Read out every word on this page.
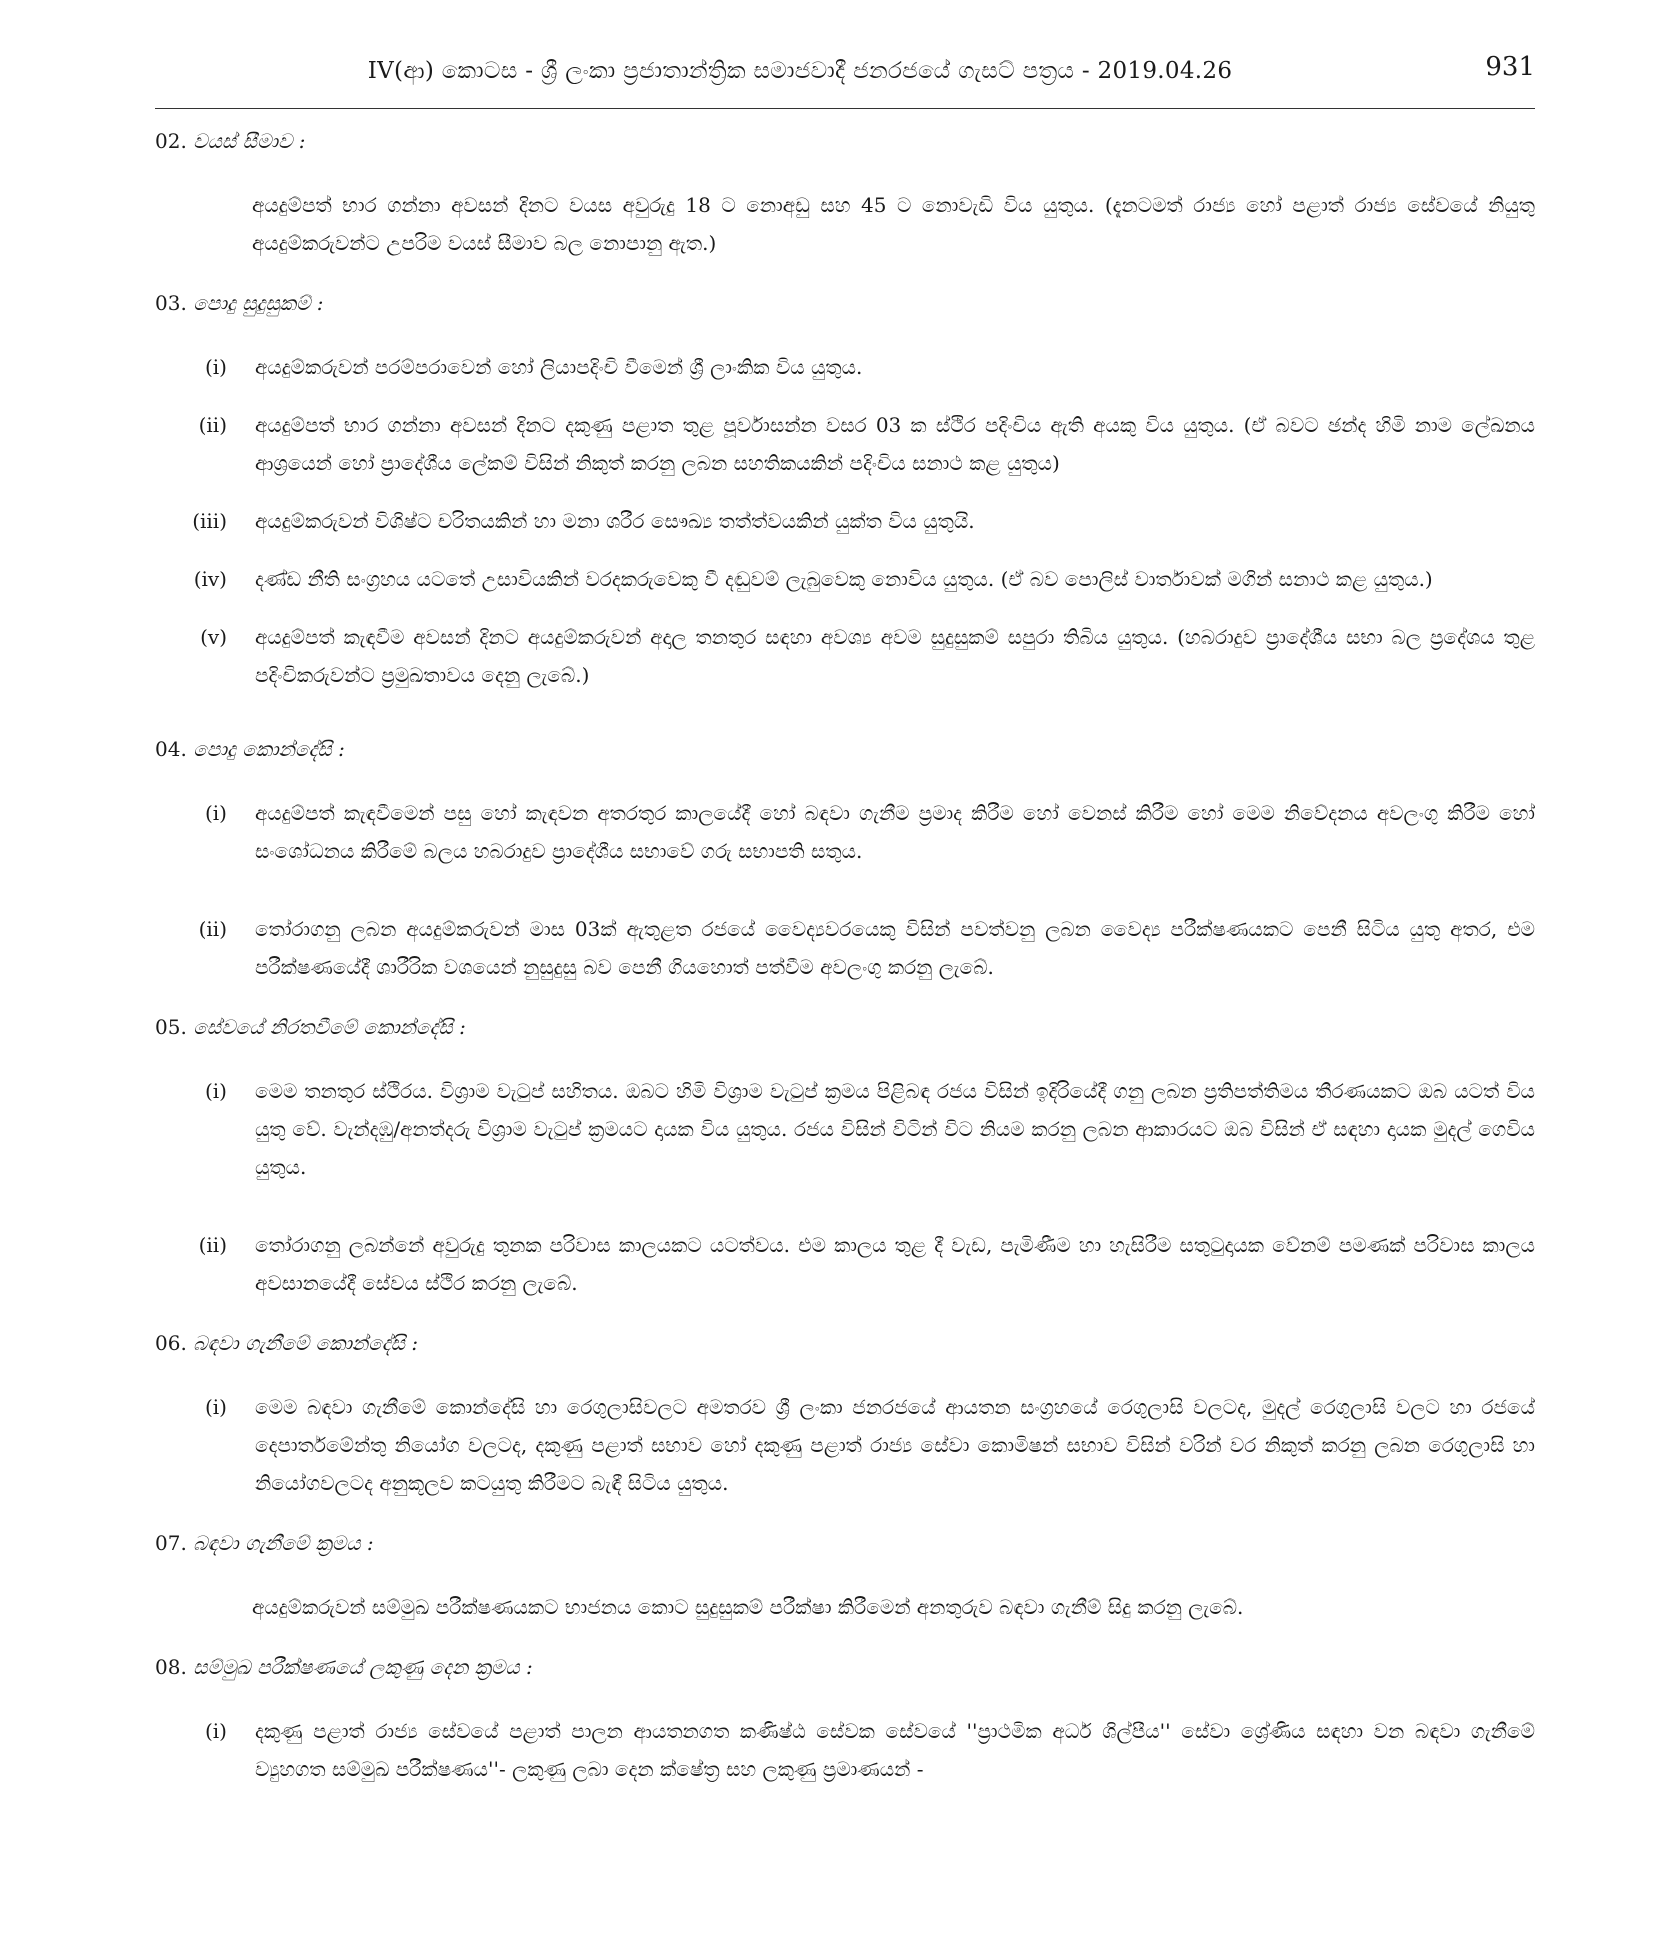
IV(ආ) කොටස - ශ්‍රී ලංකා ප්‍රජාතාන්ත්‍රික සමාජවාදී ජනරජයේ ගැසට් පත්‍රය - 2019.04.26	931
02. වයස් සීමාව :

අයදුම්පත් භාර ගන්නා අවසන් දිනට වයස අවුරුදු 18 ට නොඅඩු සහ 45 ට නොවැඩි විය යුතුය. (දැනටමත් රාජ්‍ය හෝ පළාත් රාජ්‍ය සේවයේ නියුතු අයදුම්කරුවන්ට උපරිම වයස් සීමාව බල නොපානු ඇත.)

03. පොදු සුදුසුකම් :
(i)	අයදුම්කරුවන් පරම්පරාවෙන් හෝ ලියාපදිංචි වීමෙන් ශ්‍රී ලාංකික විය යුතුය.
(ii)	අයදුම්පත් භාර ගන්නා අවසන් දිනට දකුණු පළාත තුළ පූර්වාසන්න වසර 03 ක ස්ථිර පදිංචිය ඇති අයකු විය යුතුය. (ඒ බවට ඡන්ද හිමි නාම ලේඛනය ආශ්‍රයෙන් හෝ ප්‍රාදේශීය ලේකම් විසින් නිකුත් කරනු ලබන සහතිකයකින් පදිංචිය සනාථ කළ යුතුය)
(iii)	අයදුම්කරුවන් විශිෂ්ට චරිතයකින් හා මනා ශරීර සෞඛ්‍ය තත්ත්වයකින් යුක්ත විය යුතුයි.
(iv)	දණ්ඩ නීති සංග්‍රහය යටතේ උසාවියකින් වරදකරුවෙකු වී දඬුවම් ලැබුවෙකු නොවිය යුතුය. (ඒ බව පොලිස් වාර්තාවක් මගින් සනාථ කළ යුතුය.)
(v)	අයදුම්පත් කැඳවීම අවසන් දිනට අයදුම්කරුවන් අදාල තනතුර සඳහා අවශ්‍ය අවම සුදුසුකම් සපුරා තිබිය යුතුය. (හබරාදුව ප්‍රාදේශීය සභා බල ප්‍රදේශය තුළ පදිංචිකරුවන්ට ප්‍රමුඛතාවය දෙනු ලැබේ.)
04. පොදු කොන්දේසි :
(i)	අයදුම්පත් කැඳවීමෙන් පසු හෝ කැඳවන අතරතුර කාලයේදී හෝ බඳවා ගැනීම ප්‍රමාද කිරීම හෝ වෙනස් කිරීම හෝ මෙම නිවේදනය අවලංගු කිරීම හෝ සංශෝධනය කිරීමේ බලය හබරාදුව ප්‍රාදේශීය සභාවේ ගරු සභාපති සතුය.
(ii)	තෝරාගනු ලබන අයදුම්කරුවන් මාස 03ක් ඇතුළත රජයේ වෛද්‍යවරයෙකු විසින් පවත්වනු ලබන වෛද්‍ය පරීක්ෂණයකට පෙනී සිටිය යුතු අතර, එම පරීක්ෂණයේදී ශාරීරික වශයෙන් නුසුදුසු බව පෙනී ගියහොත් පත්වීම අවලංගු කරනු ලැබේ.
05. සේවයේ නිරතවීමේ කොන්දේසි :
(i)	මෙම තනතුර ස්ථිරය. විශ්‍රාම වැටුප් සහිතය. ඔබට හිමි විශ්‍රාම වැටුප් ක්‍රමය පිළිබඳ රජය විසින් ඉදිරියේදී ගනු ලබන ප්‍රතිපත්තිමය තීරණයකට ඔබ යටත් විය යුතු වේ. වැන්දඹු/අනත්දරු විශ්‍රාම වැටුප් ක්‍රමයට දායක විය යුතුය. රජය විසින් විටින් විට නියම කරනු ලබන ආකාරයට ඔබ විසින් ඒ සඳහා දායක මුදල් ගෙවිය යුතුය.
(ii)	තෝරාගනු ලබන්නේ අවුරුදු තුනක පරිවාස කාලයකට යටත්වය. එම කාලය තුළ දී වැඩ, පැමිණීම හා හැසිරීම සතුටුදායක වේනම් පමණක් පරිවාස කාලය අවසානයේදී සේවය ස්ථිර කරනු ලැබේ.
06. බඳවා ගැනීමේ කොන්දේසි :
(i)	මෙම බඳවා ගැනීමේ කොන්දේසි හා රෙගුලාසිවලට අමතරව ශ්‍රී ලංකා ජනරජයේ ආයතන සංග්‍රහයේ රෙගුලාසි වලටද, මුදල් රෙගුලාසි වලට හා රජයේ දෙපාර්තමේන්තු නියෝග වලටද, දකුණු පළාත් සභාව හෝ දකුණු පළාත් රාජ්‍ය සේවා කොමිෂන් සභාව විසින් වරින් වර නිකුත් කරනු ලබන රෙගුලාසි හා නියෝගවලටද අනුකූලව කටයුතු කිරීමට බැඳී සිටිය යුතුය.
07. බඳවා ගැනීමේ ක්‍රමය :

අයදුම්කරුවන් සම්මුඛ පරීක්ෂණයකට භාජනය කොට සුදුසුකම් පරීක්ෂා කිරීමෙන් අනතුරුව බඳවා ගැනීම් සිදු කරනු ලැබේ.

08. සම්මුඛ පරීක්ෂණයේ ලකුණු දෙන ක්‍රමය :
(i)	දකුණු පළාත් රාජ්‍ය සේවයේ පළාත් පාලන ආයතනගත කණිෂ්ඨ සේවක සේවයේ ''ප්‍රාථමික අර්ධ ශිල්පීය'' සේවා ශ්‍රේණිය සඳහා වන බඳවා ගැනීමේ ව්‍යුහගත සම්මුඛ පරීක්ෂණය''- ලකුණු ලබා දෙන ක්ෂේත්‍ර සහ ලකුණු ප්‍රමාණයන් -
